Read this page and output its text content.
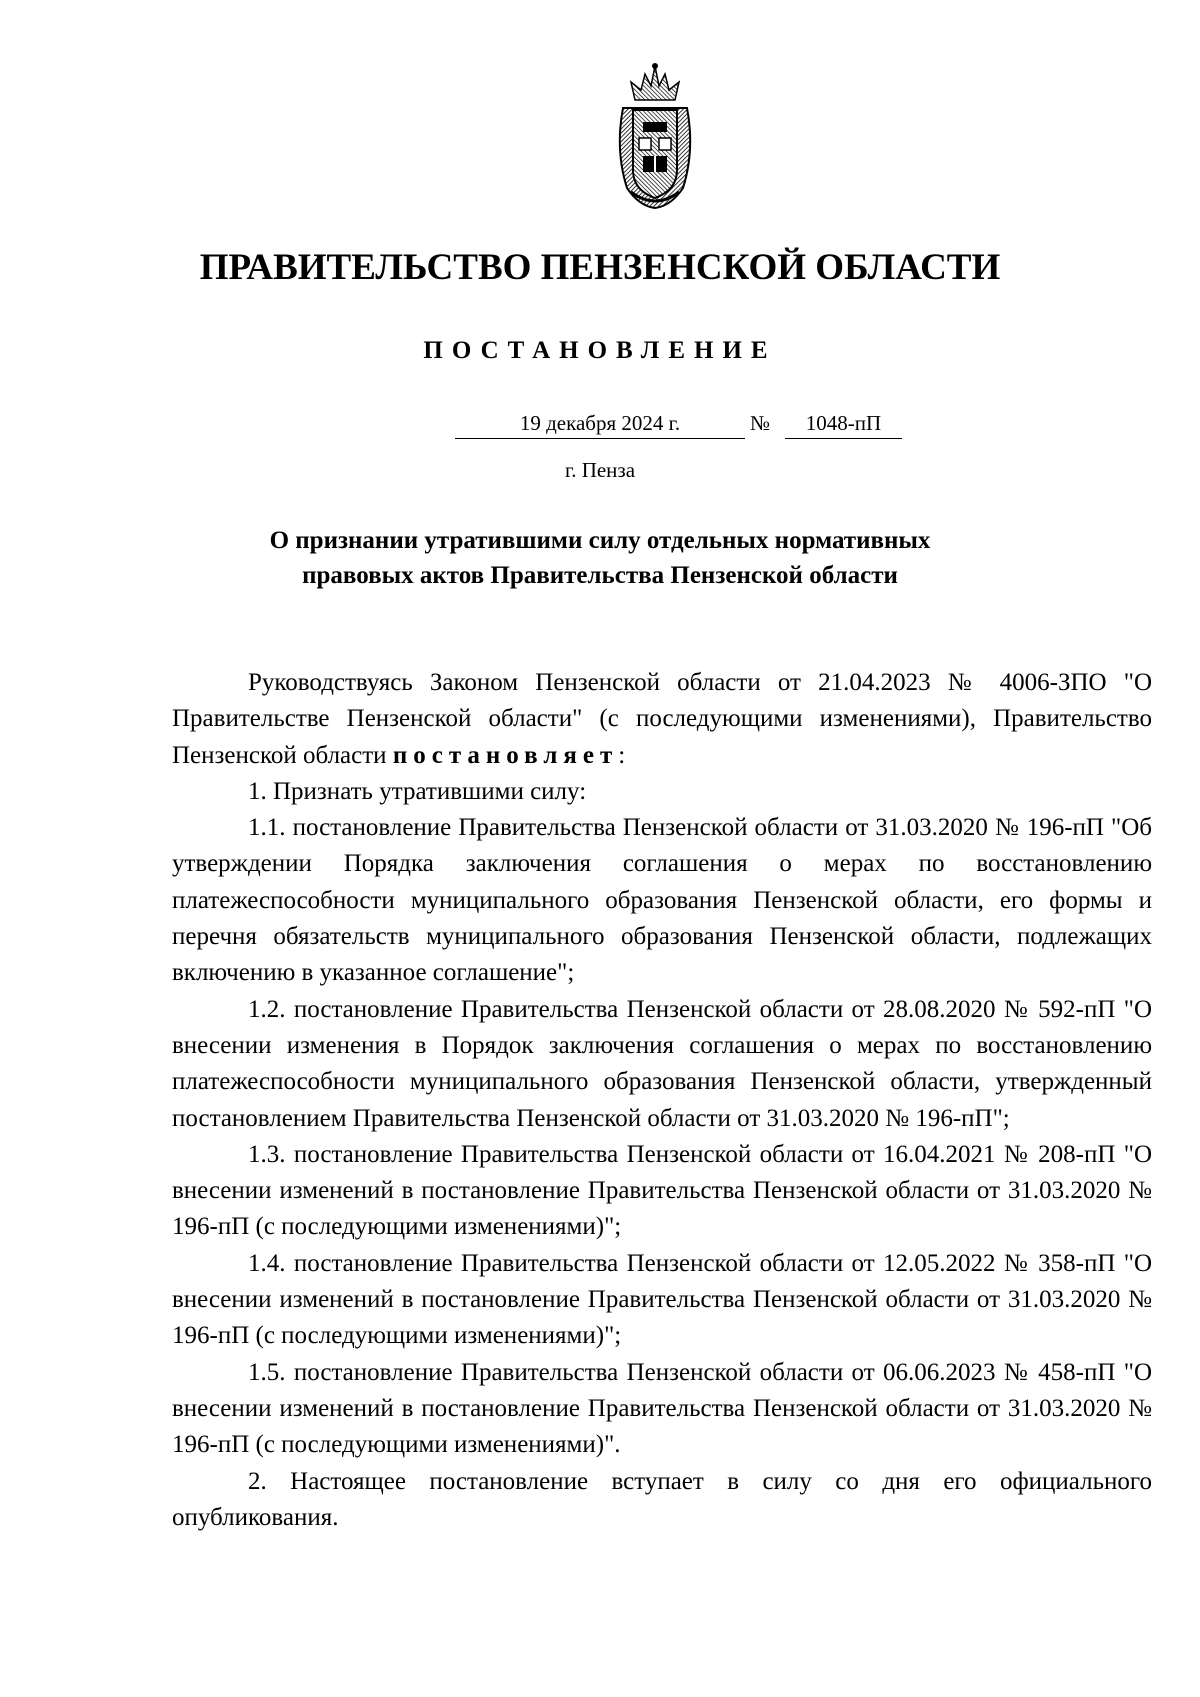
ПРАВИТЕЛЬСТВО ПЕНЗЕНСКОЙ ОБЛАСТИ
ПОСТАНОВЛЕНИЕ
19 декабря 2024 г.	№	1048-пП
г. Пенза
О признании утратившими силу отдельных нормативных правовых актов Правительства Пензенской области

Руководствуясь Законом Пензенской области от 21.04.2023 № 4006-ЗПО "О Правительстве Пензенской области" (с последующими изменениями), Правительство Пензенской области постановляет:

1. Признать утратившими силу:

1.1. постановление Правительства Пензенской области от 31.03.2020 № 196-пП "Об утверждении Порядка заключения соглашения о мерах по восстановлению платежеспособности муниципального образования Пензенской области, его формы и перечня обязательств муниципального образования Пензенской области, подлежащих включению в указанное соглашение";

1.2. постановление Правительства Пензенской области от 28.08.2020 № 592-пП "О внесении изменения в Порядок заключения соглашения о мерах по восстановлению платежеспособности муниципального образования Пензенской области, утвержденный постановлением Правительства Пензенской области от 31.03.2020 № 196-пП";

1.3. постановление Правительства Пензенской области от 16.04.2021 № 208-пП "О внесении изменений в постановление Правительства Пензенской области от 31.03.2020 № 196-пП (с последующими изменениями)";

1.4. постановление Правительства Пензенской области от 12.05.2022 № 358-пП "О внесении изменений в постановление Правительства Пензенской области от 31.03.2020 № 196-пП (с последующими изменениями)";

1.5. постановление Правительства Пензенской области от 06.06.2023 № 458-пП "О внесении изменений в постановление Правительства Пензенской области от 31.03.2020 № 196-пП (с последующими изменениями)".

2. Настоящее постановление вступает в силу со дня его официального опубликования.
